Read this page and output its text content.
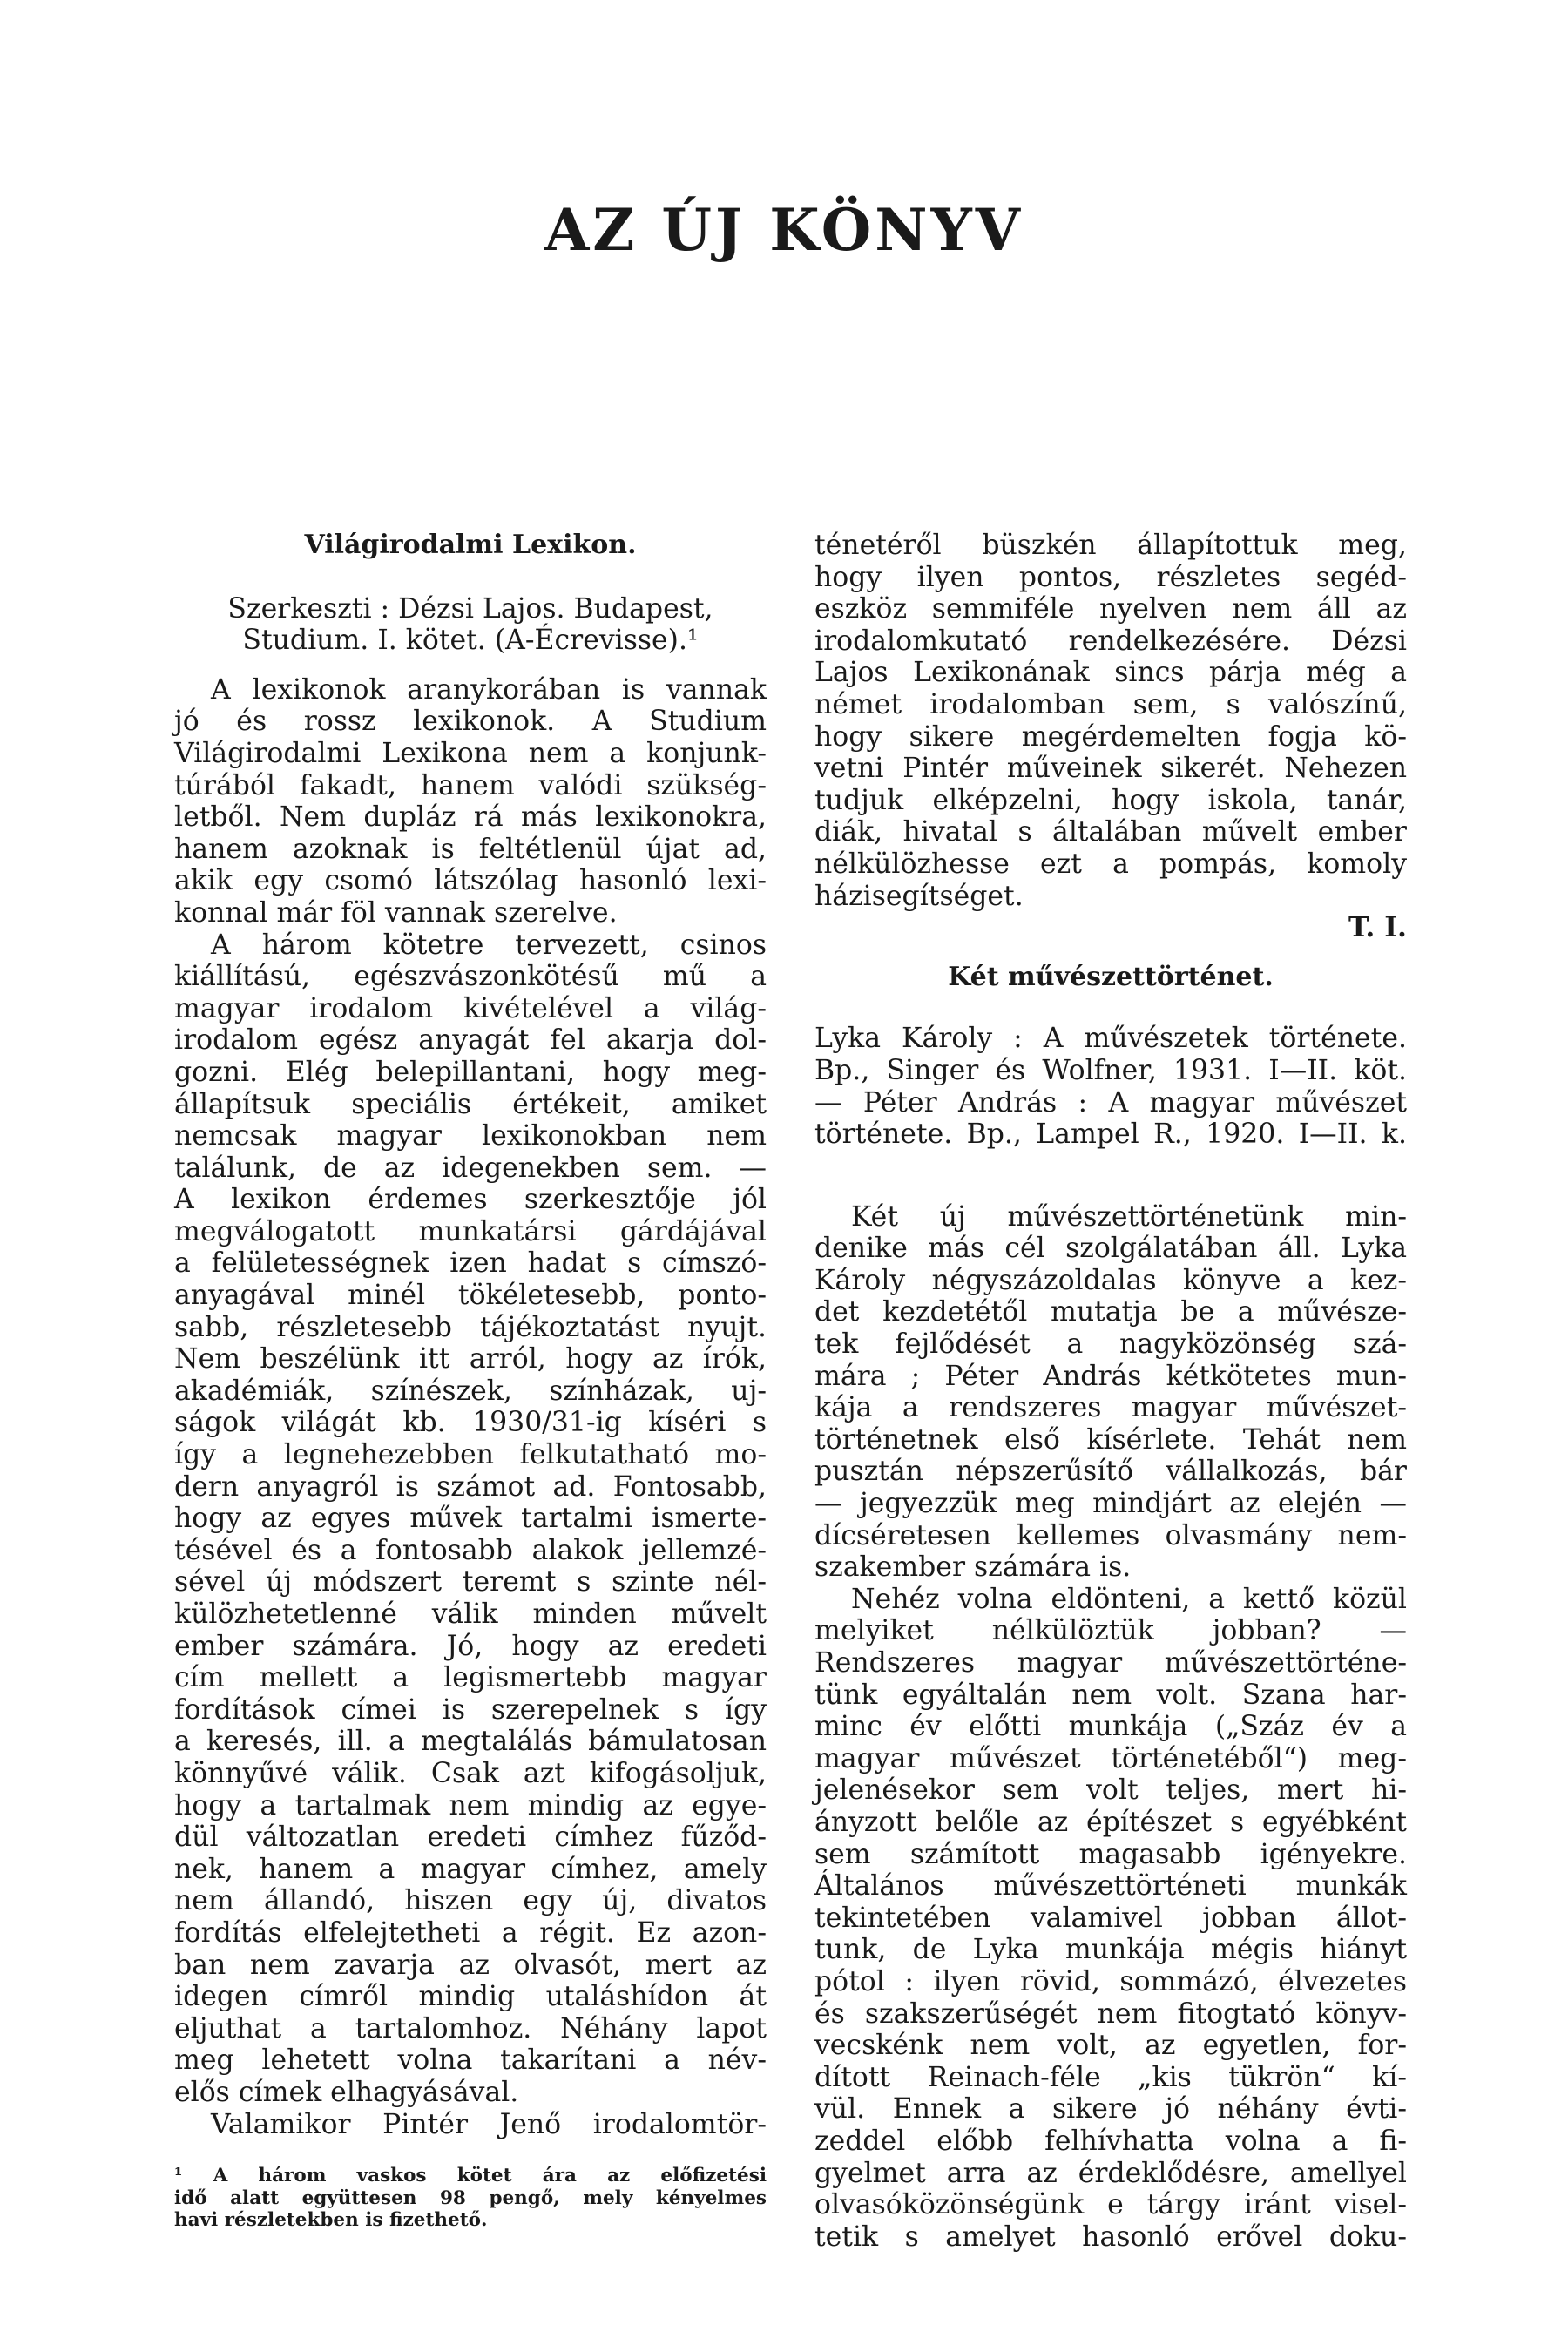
AZ ÚJ KÖNYV
Világirodalmi Lexikon.
Szerkeszti : Dézsi Lajos. Budapest,
Studium. I. kötet. (A-Écrevisse).¹
A lexikonok aranykorában is vannak
jó és rossz lexikonok. A Studium
Világirodalmi Lexikona nem a konjunk-
túrából fakadt, hanem valódi szükség-
letből. Nem dupláz rá más lexikonokra,
hanem azoknak is feltétlenül újat ad,
akik egy csomó látszólag hasonló lexi-
konnal már föl vannak szerelve.
A három kötetre tervezett, csinos
kiállítású, egészvászonkötésű mű a
magyar irodalom kivételével a világ-
irodalom egész anyagát fel akarja dol-
gozni. Elég belepillantani, hogy meg-
állapítsuk speciális értékeit, amiket
nemcsak magyar lexikonokban nem
találunk, de az idegenekben sem. —
A lexikon érdemes szerkesztője jól
megválogatott munkatársi gárdájával
a felületességnek izen hadat s címszó-
anyagával minél tökéletesebb, ponto-
sabb, részletesebb tájékoztatást nyujt.
Nem beszélünk itt arról, hogy az írók,
akadémiák, színészek, színházak, uj-
ságok világát kb. 1930/31-ig kíséri s
így a legnehezebben felkutatható mo-
dern anyagról is számot ad. Fontosabb,
hogy az egyes művek tartalmi ismerte-
tésével és a fontosabb alakok jellemzé-
sével új módszert teremt s szinte nél-
külözhetetlenné válik minden művelt
ember számára. Jó, hogy az eredeti
cím mellett a legismertebb magyar
fordítások címei is szerepelnek s így
a keresés, ill. a megtalálás bámulatosan
könnyűvé válik. Csak azt kifogásoljuk,
hogy a tartalmak nem mindig az egye-
dül változatlan eredeti címhez fűződ-
nek, hanem a magyar címhez, amely
nem állandó, hiszen egy új, divatos
fordítás elfelejtetheti a régit. Ez azon-
ban nem zavarja az olvasót, mert az
idegen címről mindig utaláshídon át
eljuthat a tartalomhoz. Néhány lapot
meg lehetett volna takarítani a név-
elős címek elhagyásával.
Valamikor Pintér Jenő irodalomtör-
¹ A három vaskos kötet ára az előfizetési
idő alatt együttesen 98 pengő, mely kényelmes
havi részletekben is fizethető.
ténetéről büszkén állapítottuk meg,
hogy ilyen pontos, részletes segéd-
eszköz semmiféle nyelven nem áll az
irodalomkutató rendelkezésére. Dézsi
Lajos Lexikonának sincs párja még a
német irodalomban sem, s valószínű,
hogy sikere megérdemelten fogja kö-
vetni Pintér műveinek sikerét. Nehezen
tudjuk elképzelni, hogy iskola, tanár,
diák, hivatal s általában művelt ember
nélkülözhesse ezt a pompás, komoly
házisegítséget.
T. I.
Két művészettörténet.
Lyka Károly : A művészetek története.
Bp., Singer és Wolfner, 1931. I—II. köt.
— Péter András : A magyar művészet
története. Bp., Lampel R., 1920. I—II. k.
Két új művészettörténetünk min-
denike más cél szolgálatában áll. Lyka
Károly négyszázoldalas könyve a kez-
det kezdetétől mutatja be a művésze-
tek fejlődését a nagyközönség szá-
mára ; Péter András kétkötetes mun-
kája a rendszeres magyar művészet-
történetnek első kísérlete. Tehát nem
pusztán népszerűsítő vállalkozás, bár
— jegyezzük meg mindjárt az elején —
dícséretesen kellemes olvasmány nem-
szakember számára is.
Nehéz volna eldönteni, a kettő közül
melyiket nélkülöztük jobban? —
Rendszeres magyar művészettörténe-
tünk egyáltalán nem volt. Szana har-
minc év előtti munkája („Száz év a
magyar művészet történetéből“) meg-
jelenésekor sem volt teljes, mert hi-
ányzott belőle az építészet s egyébként
sem számított magasabb igényekre.
Általános művészettörténeti munkák
tekintetében valamivel jobban állot-
tunk, de Lyka munkája mégis hiányt
pótol : ilyen rövid, sommázó, élvezetes
és szakszerűségét nem fitogtató könyv-
vecskénk nem volt, az egyetlen, for-
dított Reinach-féle „kis tükrön“ kí-
vül. Ennek a sikere jó néhány évti-
zeddel előbb felhívhatta volna a fi-
gyelmet arra az érdeklődésre, amellyel
olvasóközönségünk e tárgy iránt visel-
tetik s amelyet hasonló erővel doku-
